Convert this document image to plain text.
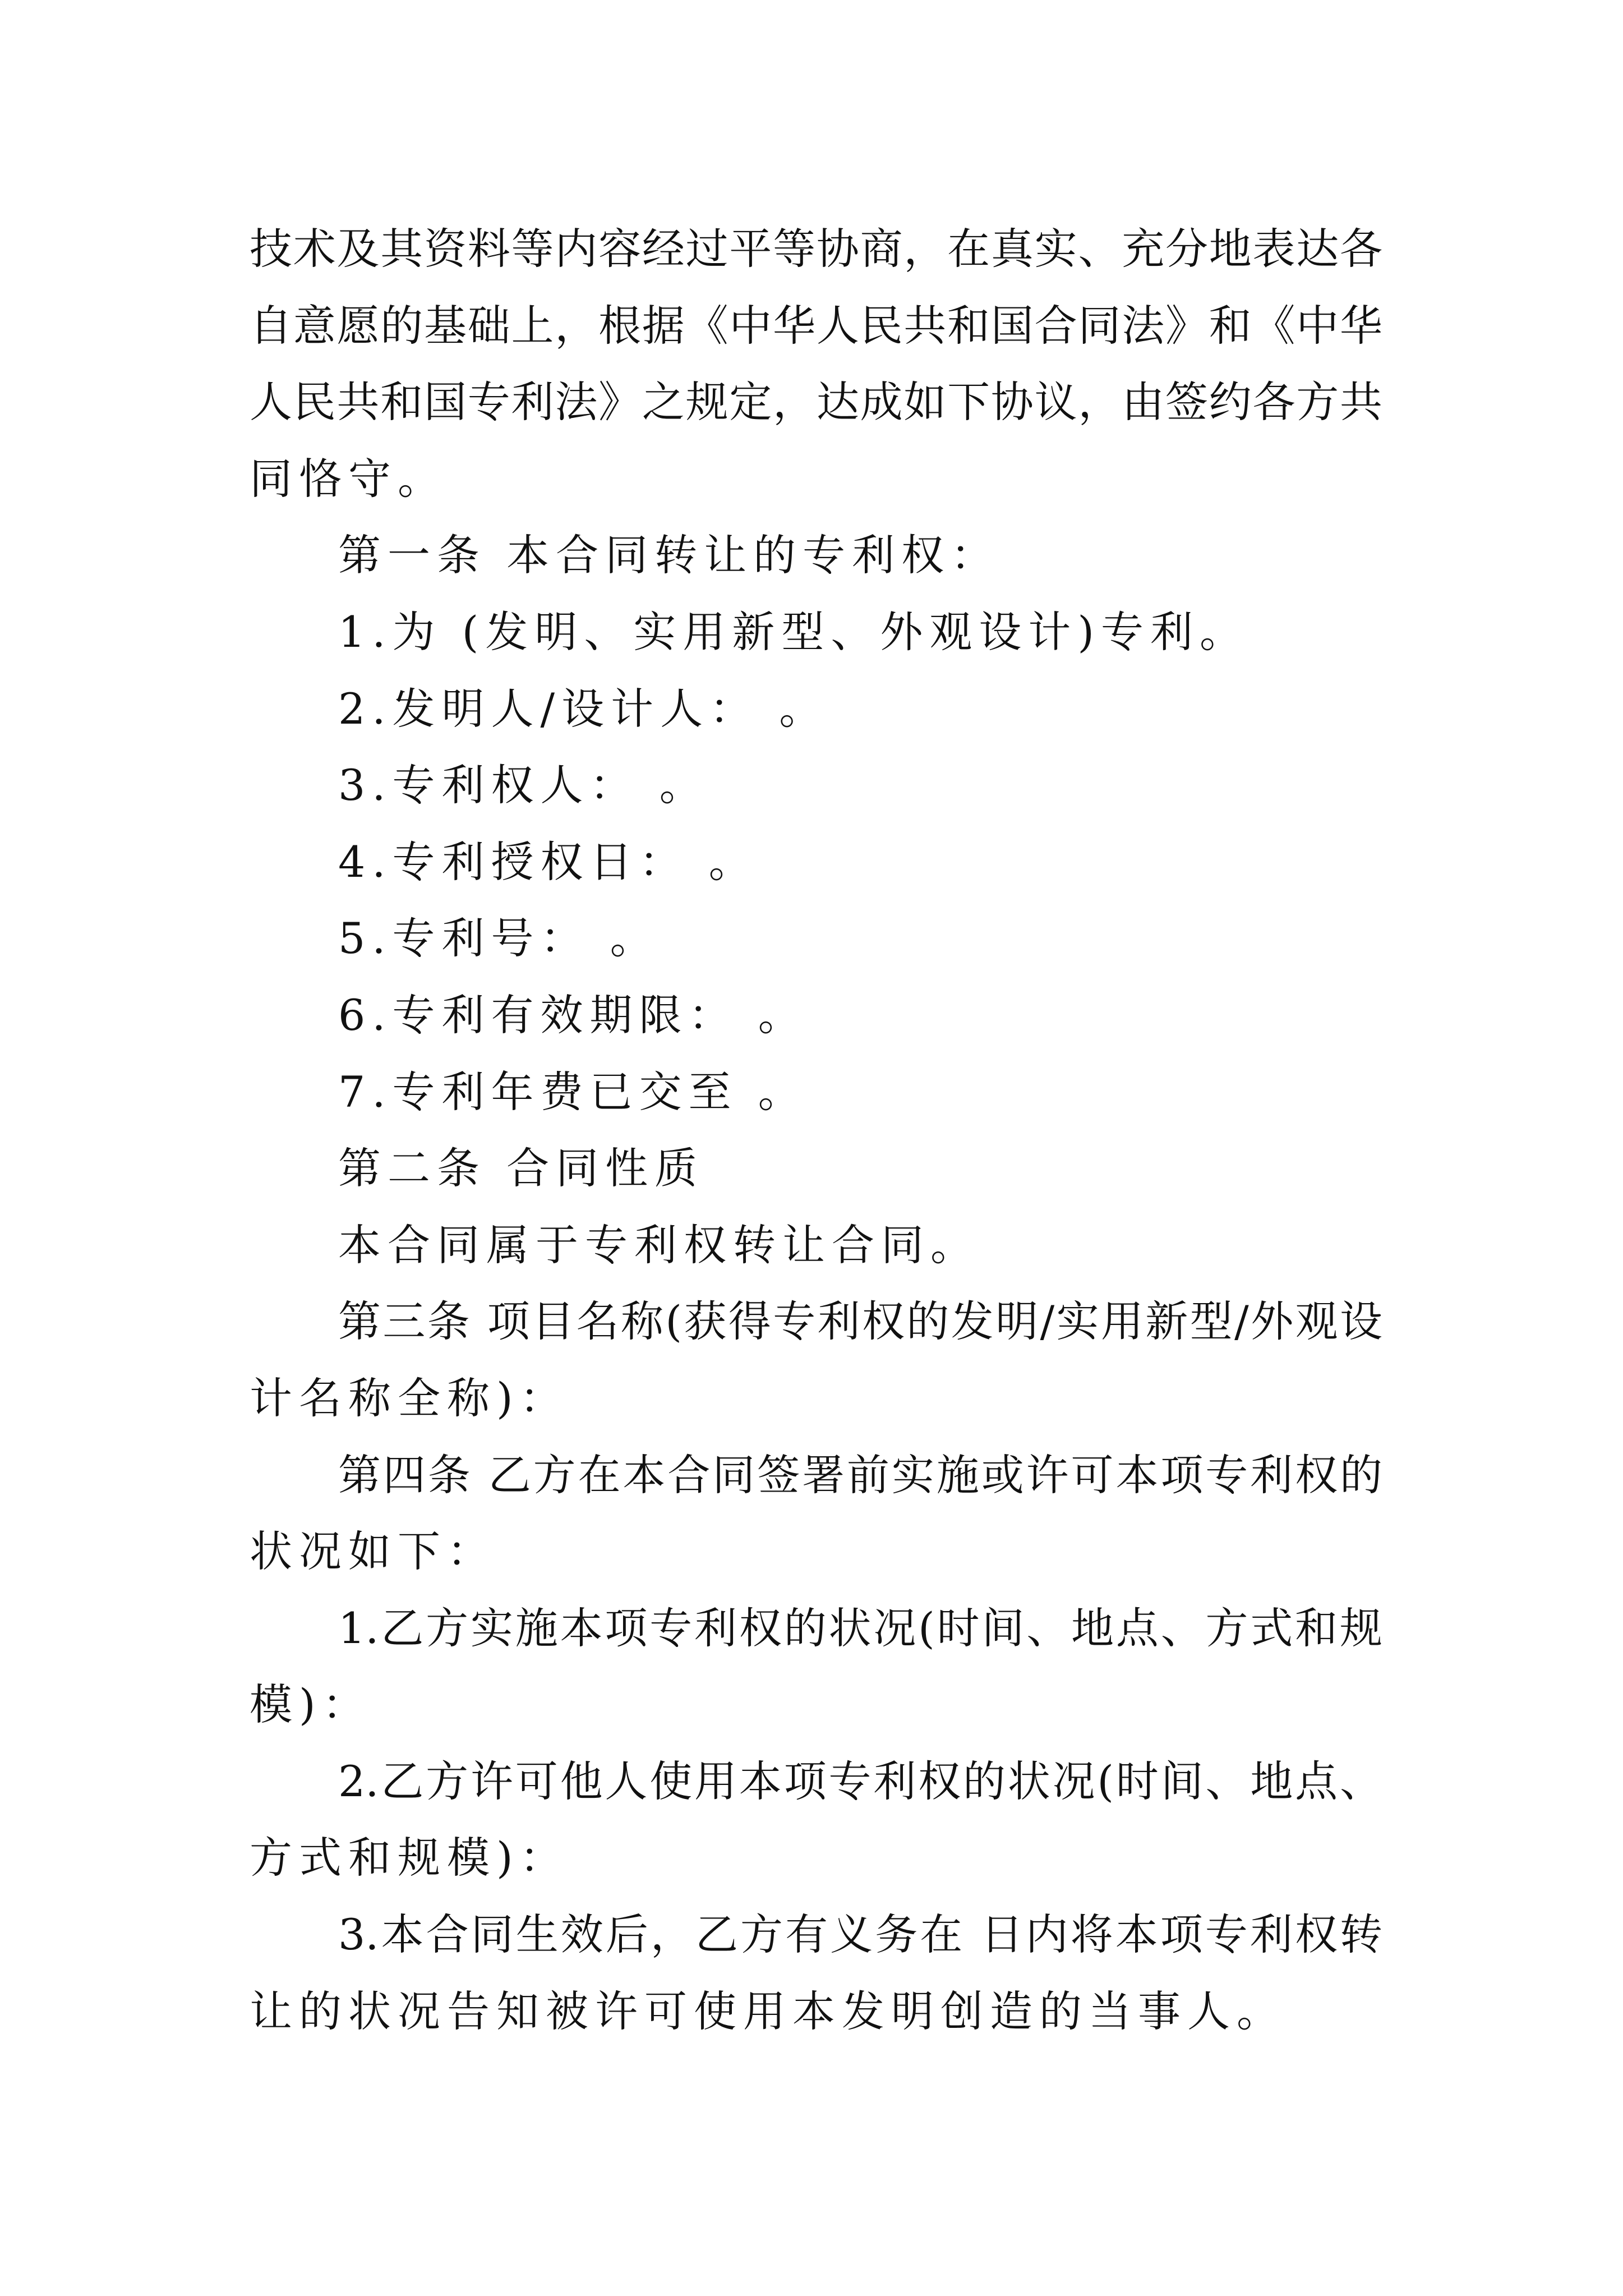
技术及其资料等内容经过平等协商，在真实、充分地表达各
自意愿的基础上，根据《中华人民共和国合同法》和《中华
人民共和国专利法》之规定，达成如下协议，由签约各方共
同恪守。
第一条 本合同转让的专利权：
1.为 (发明、实用新型、外观设计)专利。
2.发明人/设计人： 。
3.专利权人： 。
4.专利授权日： 。
5.专利号： 。
6.专利有效期限： 。
7.专利年费已交至 。
第二条 合同性质
本合同属于专利权转让合同。
第三条 项目名称(获得专利权的发明/实用新型/外观设
计名称全称)：
第四条 乙方在本合同签署前实施或许可本项专利权的
状况如下：
1.乙方实施本项专利权的状况(时间、地点、方式和规
模)：
2.乙方许可他人使用本项专利权的状况(时间、地点、
方式和规模)：
3.本合同生效后，乙方有义务在 日内将本项专利权转
让的状况告知被许可使用本发明创造的当事人。
